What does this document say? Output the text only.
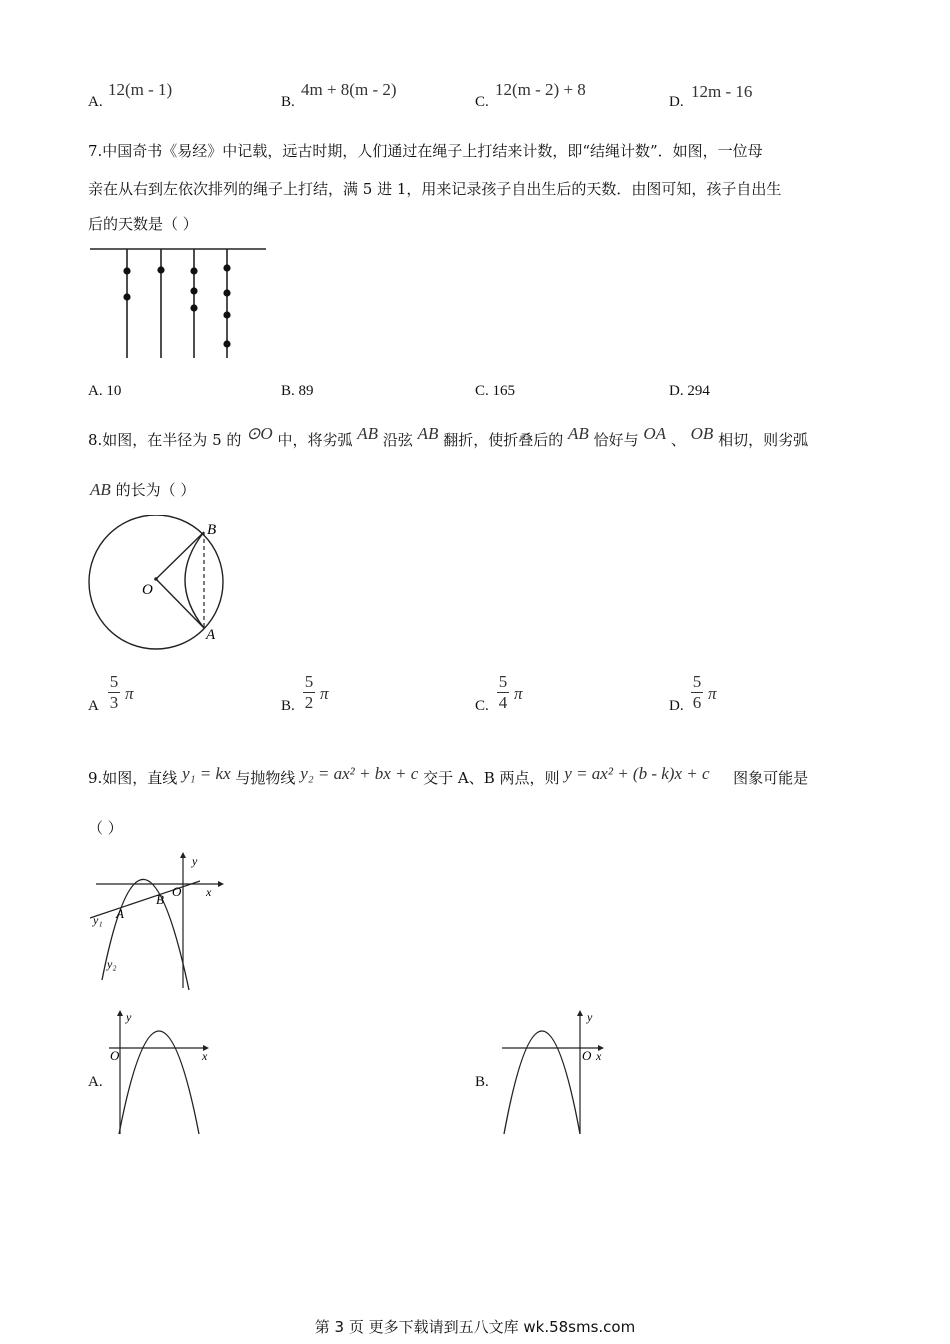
A.
12(m - 1)
B.
4m + 8(m - 2)
C.
12(m - 2) + 8
D.
12m - 16
7.中国奇书《易经》中记载，远古时期，人们通过在绳子上打结来计数，即“结绳计数”．如图，一位母
亲在从右到左依次排列的绳子上打结，满 5 进 1，用来记录孩子自出生后的天数．由图可知，孩子自出生
后的天数是（ ）
A. 10	B. 89	C. 165	D. 294
8.如图，在半径为 5 的 ⊙O 中，将劣弧 AB 沿弦 AB 翻折，使折叠后的 AB 恰好与 OA 、 OB 相切，则劣弧
AB 的长为（ ）
B
O
A
A
5
3 π
B.
5
2 π
C.
5
4 π
D.
5
6 π
9.如图，直线 y₁ = kx 与抛物线 y₂ = ax² + bx + c 交于 A、B 两点，则 y = ax² + (b - k)x + c 图象可能是
（ ）
y
x
O
A
B
y₁
y₂
A.
y
x
O
B.
y
x
O
第 3 页 更多下载请到五八文库 wk.58sms.com
